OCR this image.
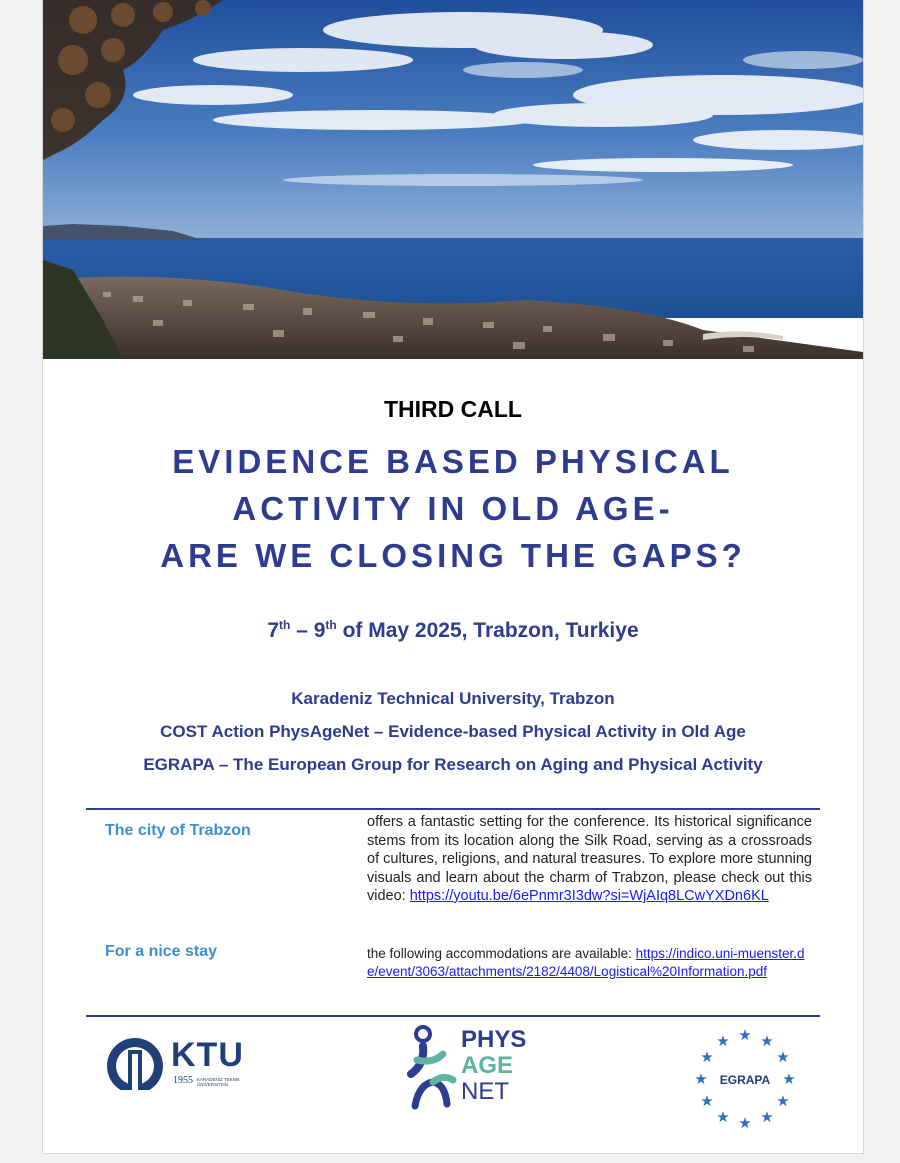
THIRD CALL
EVIDENCE BASED PHYSICAL
ACTIVITY IN OLD AGE-
ARE WE CLOSING THE GAPS?
7th – 9th of May 2025, Trabzon, Turkiye
Karadeniz Technical University, Trabzon
COST Action PhysAgeNet – Evidence-based Physical Activity in Old Age
EGRAPA – The European Group for Research on Aging and Physical Activity
The city of Trabzon	offers a fantastic setting for the conference. Its historical significance stems from its location along the Silk Road, serving as a crossroads of cultures, religions, and natural treasures. To explore more stunning visuals and learn about the charm of Trabzon, please check out this video: https://youtu.be/6ePnmr3I3dw?si=WjAIq8LCwYXDn6KL
For a nice stay	the following accommodations are available: https://indico.uni-muenster.de/event/3063/attachments/2182/4408/Logistical%20Information.pdf
KTU
1955 KARADENIZ TEKNIK ÜNIVERSITESI
PHYS
AGE
NET
★ ★
★
★
★
★
★
★
★
★
★
★
EGRAPA
